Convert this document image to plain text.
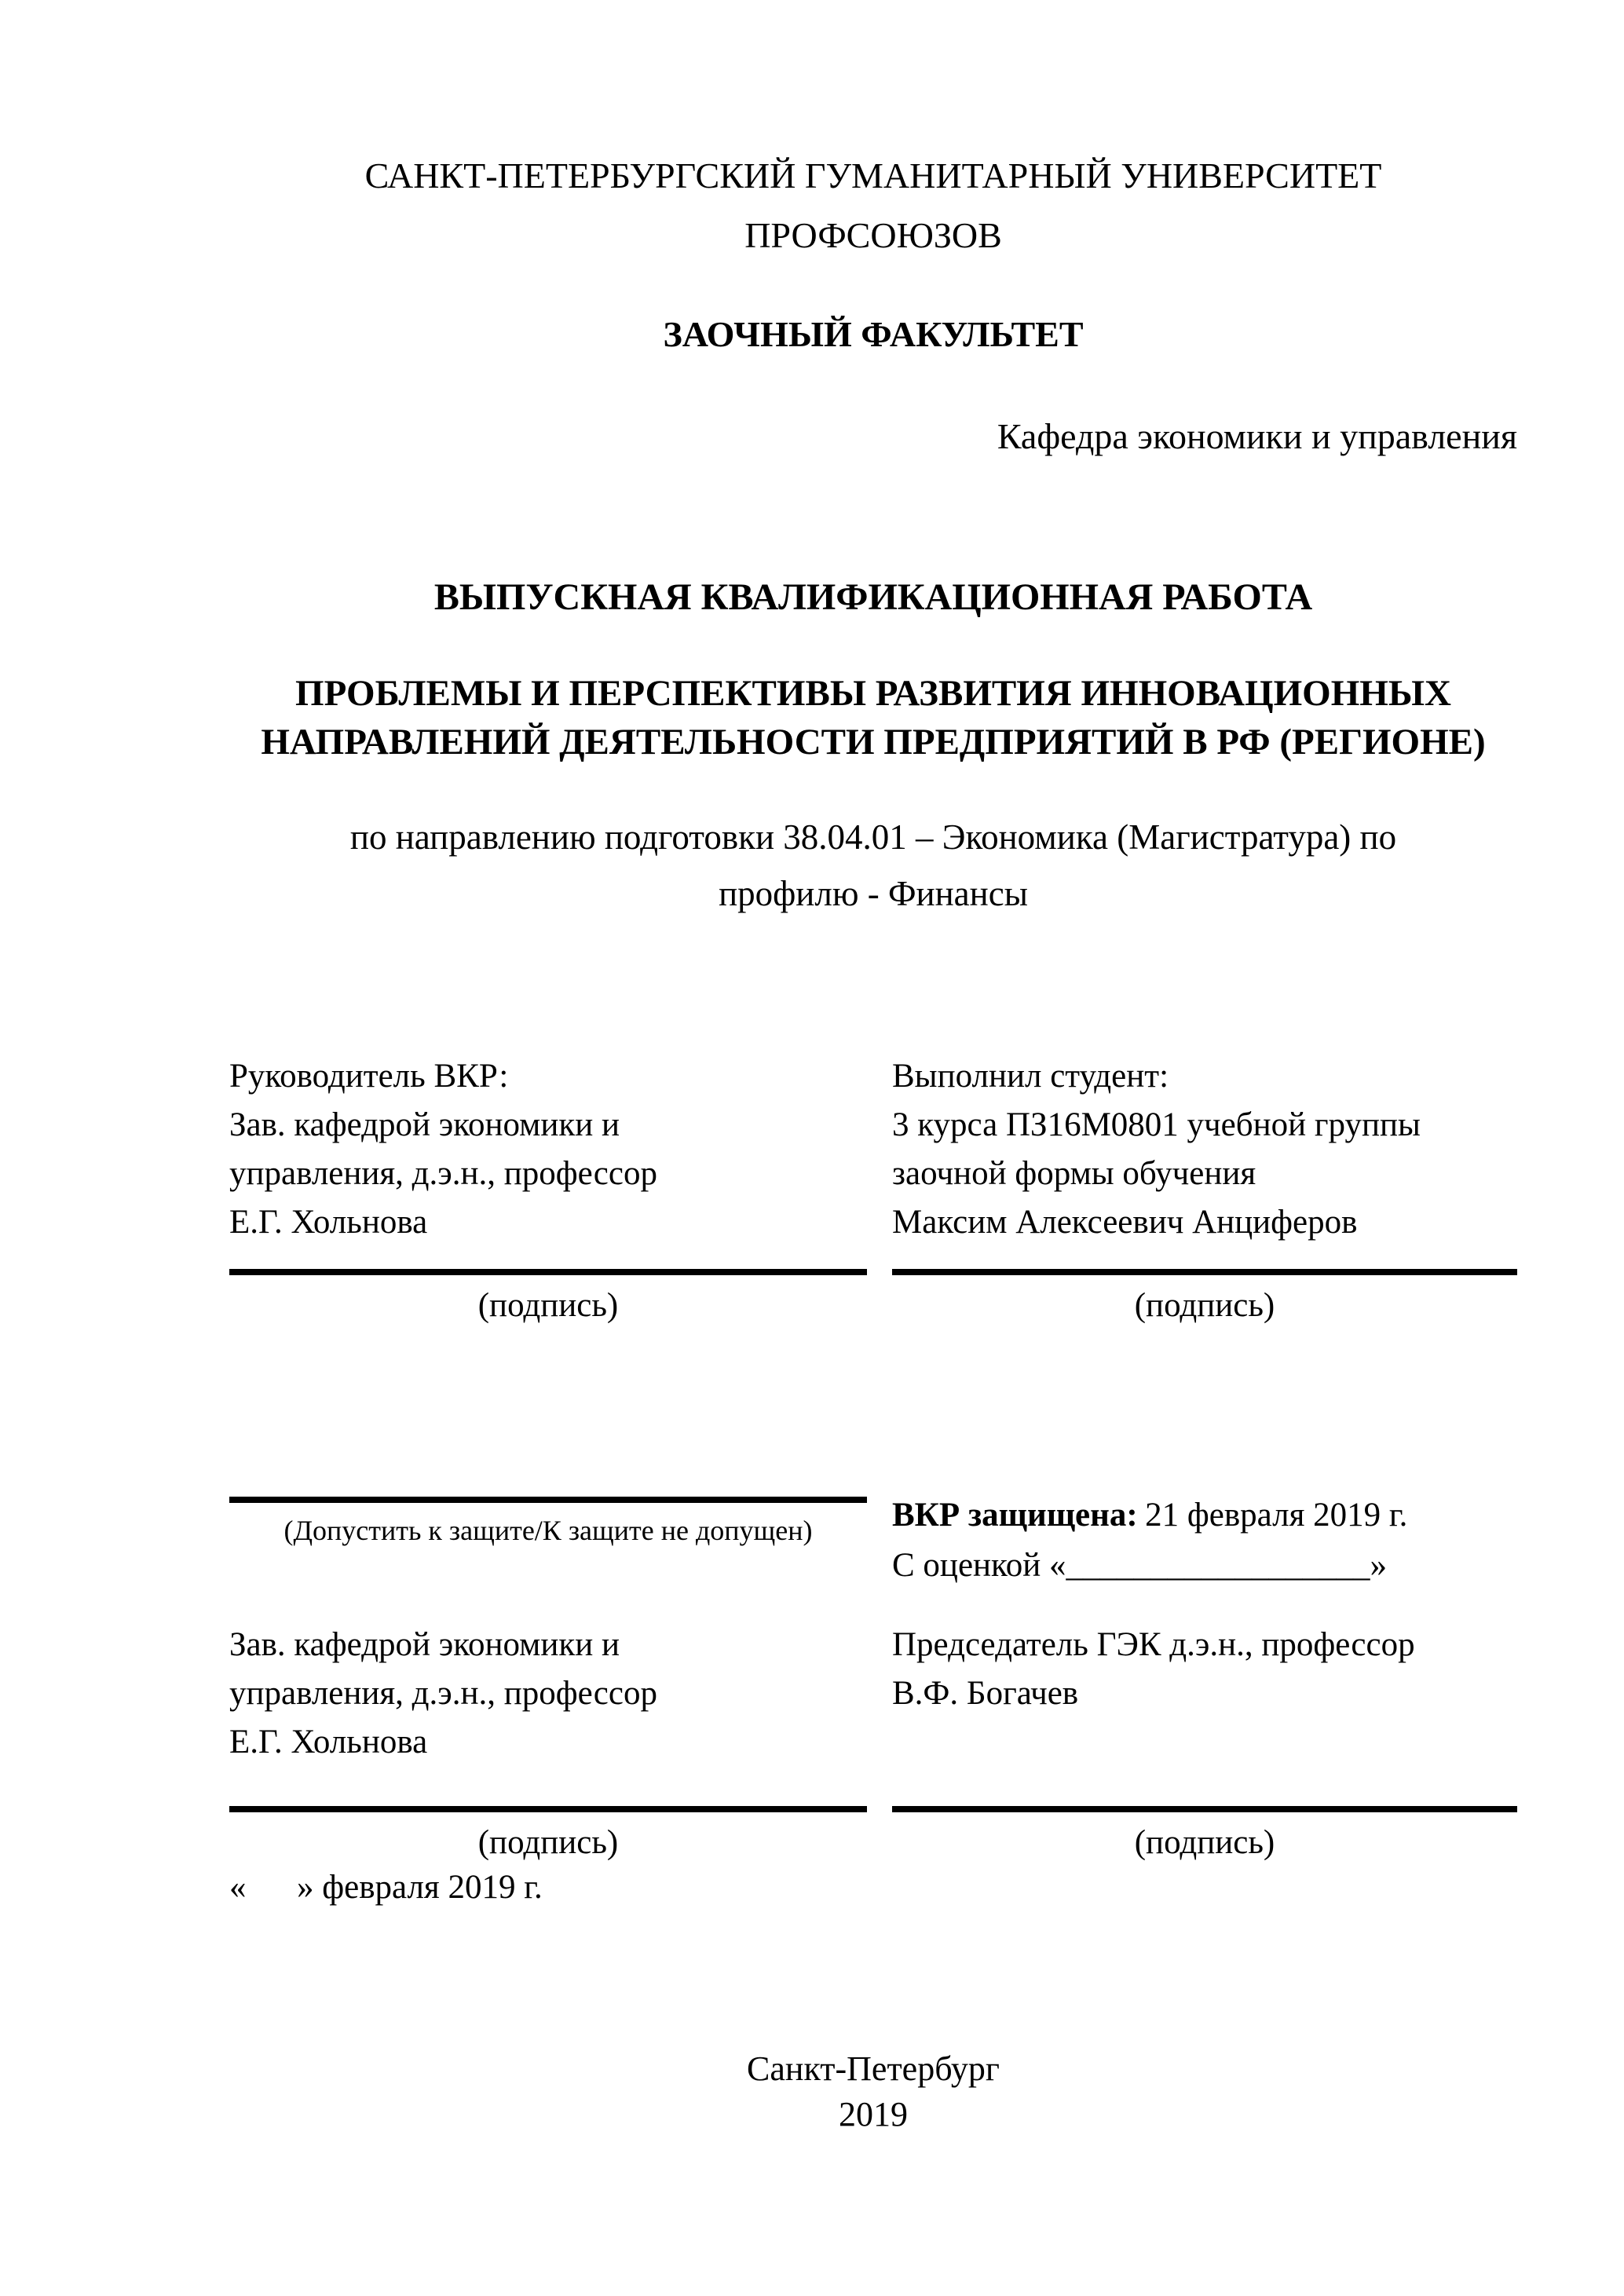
САНКТ-ПЕТЕРБУРГСКИЙ ГУМАНИТАРНЫЙ УНИВЕРСИТЕТ
ПРОФСОЮЗОВ
ЗАОЧНЫЙ ФАКУЛЬТЕТ
Кафедра экономики и управления
ВЫПУСКНАЯ КВАЛИФИКАЦИОННАЯ РАБОТА
ПРОБЛЕМЫ И ПЕРСПЕКТИВЫ РАЗВИТИЯ ИННОВАЦИОННЫХ
НАПРАВЛЕНИЙ ДЕЯТЕЛЬНОСТИ ПРЕДПРИЯТИЙ В РФ (РЕГИОНЕ)
по направлению подготовки 38.04.01 – Экономика (Магистратура) по
профилю - Финансы
Руководитель ВКР:
Зав. кафедрой экономики и
управления, д.э.н., профессор
Е.Г. Хольнова
Выполнил студент:
3 курса ПЗ16М0801 учебной группы
заочной формы обучения
Максим Алексеевич Анциферов
(подпись)	(подпись)
(Допустить к защите/К защите не допущен)	ВКР защищена: 21 февраля 2019 г.
С оценкой «__________________»
Зав. кафедрой экономики и
управления, д.э.н., профессор
Е.Г. Хольнова
Председатель ГЭК д.э.н., профессор
В.Ф. Богачев
(подпись)	(подпись)
«      » февраля 2019 г.
Санкт-Петербург
2019
